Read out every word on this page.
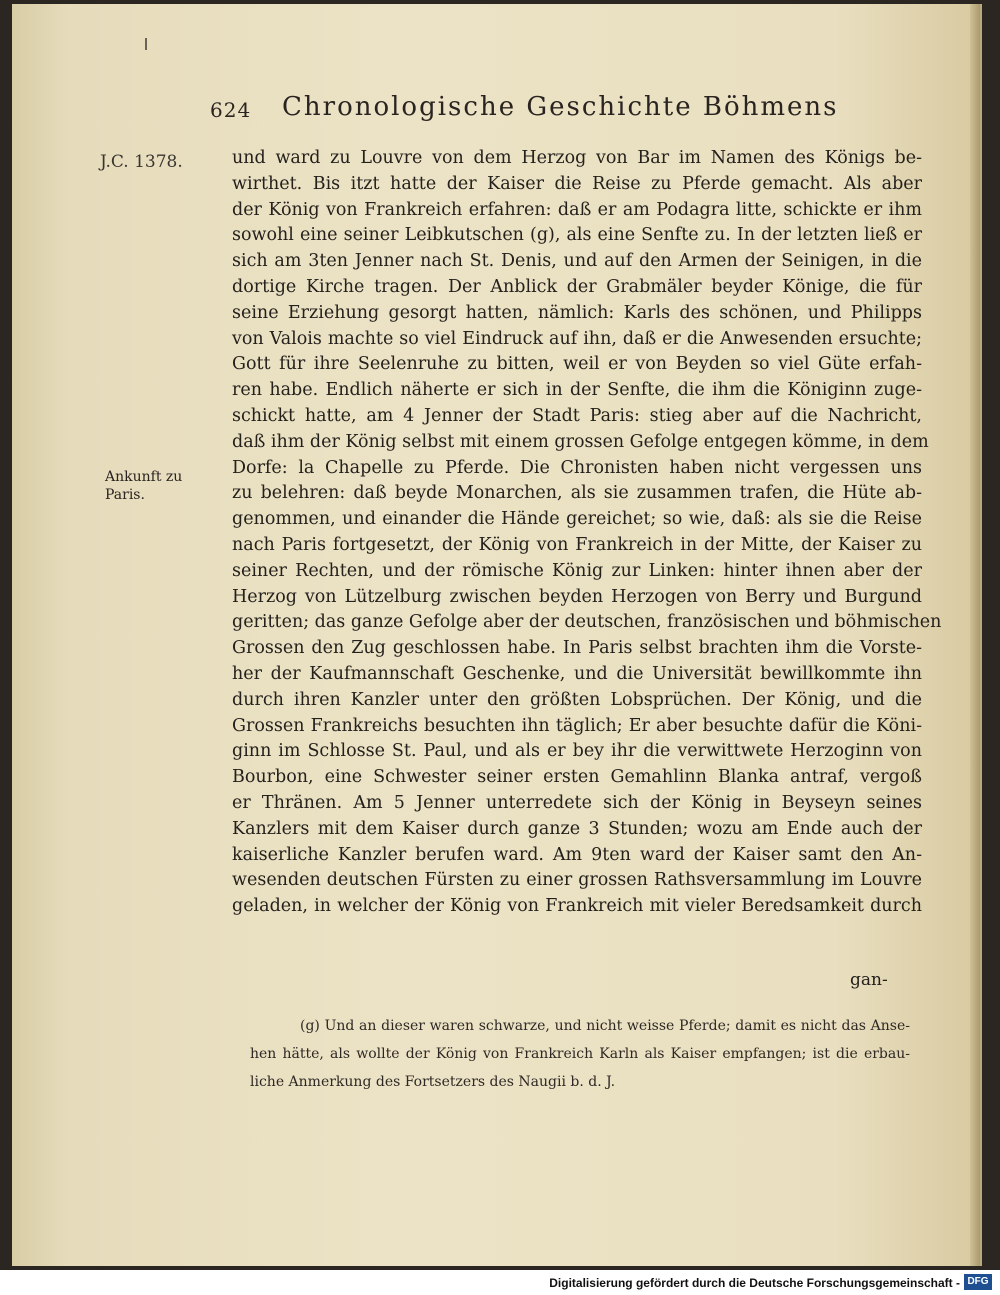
624 Chronologische Geschichte Böhmens
J.C. 1378.
Ankunft zu
Paris.
und ward zu Louvre von dem Herzog von Bar im Namen des Königs be-
wirthet. Bis itzt hatte der Kaiser die Reise zu Pferde gemacht. Als aber
der König von Frankreich erfahren: daß er am Podagra litte, schickte er ihm
sowohl eine seiner Leibkutschen (g), als eine Senfte zu. In der letzten ließ er
sich am 3ten Jenner nach St. Denis, und auf den Armen der Seinigen, in die
dortige Kirche tragen. Der Anblick der Grabmäler beyder Könige, die für
seine Erziehung gesorgt hatten, nämlich: Karls des schönen, und Philipps
von Valois machte so viel Eindruck auf ihn, daß er die Anwesenden ersuchte;
Gott für ihre Seelenruhe zu bitten, weil er von Beyden so viel Güte erfah-
ren habe. Endlich näherte er sich in der Senfte, die ihm die Königinn zuge-
schickt hatte, am 4 Jenner der Stadt Paris: stieg aber auf die Nachricht,
daß ihm der König selbst mit einem grossen Gefolge entgegen kömme, in dem
Dorfe: la Chapelle zu Pferde. Die Chronisten haben nicht vergessen uns
zu belehren: daß beyde Monarchen, als sie zusammen trafen, die Hüte ab-
genommen, und einander die Hände gereichet; so wie, daß: als sie die Reise
nach Paris fortgesetzt, der König von Frankreich in der Mitte, der Kaiser zu
seiner Rechten, und der römische König zur Linken: hinter ihnen aber der
Herzog von Lützelburg zwischen beyden Herzogen von Berry und Burgund
geritten; das ganze Gefolge aber der deutschen, französischen und böhmischen
Grossen den Zug geschlossen habe. In Paris selbst brachten ihm die Vorste-
her der Kaufmannschaft Geschenke, und die Universität bewillkommte ihn
durch ihren Kanzler unter den größten Lobsprüchen. Der König, und die
Grossen Frankreichs besuchten ihn täglich; Er aber besuchte dafür die Köni-
ginn im Schlosse St. Paul, und als er bey ihr die verwittwete Herzoginn von
Bourbon, eine Schwester seiner ersten Gemahlinn Blanka antraf, vergoß
er Thränen. Am 5 Jenner unterredete sich der König in Beyseyn seines
Kanzlers mit dem Kaiser durch ganze 3 Stunden; wozu am Ende auch der
kaiserliche Kanzler berufen ward. Am 9ten ward der Kaiser samt den An-
wesenden deutschen Fürsten zu einer grossen Rathsversammlung im Louvre
geladen, in welcher der König von Frankreich mit vieler Beredsamkeit durch
gan-
(g) Und an dieser waren schwarze, und nicht weisse Pferde; damit es nicht das Anse-
hen hätte, als wollte der König von Frankreich Karln als Kaiser empfangen; ist die erbau-
liche Anmerkung des Fortsetzers des Naugii b. d. J.
Digitalisierung gefördert durch die Deutsche Forschungsgemeinschaft - DFG
